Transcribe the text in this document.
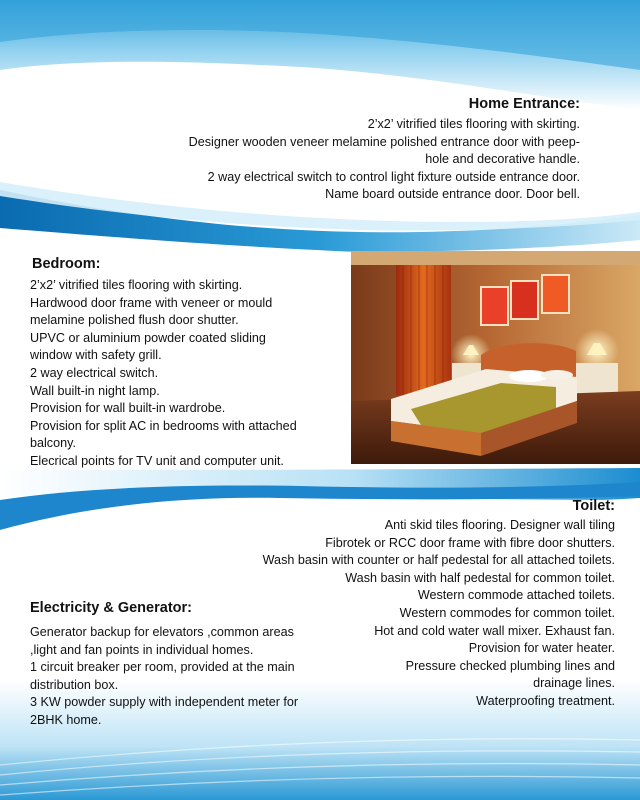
Home Entrance:
2’x2’ vitrified tiles flooring with skirting.
Designer wooden veneer melamine polished entrance door with peep-
hole and decorative handle.
2 way electrical switch to control light fixture outside entrance door.
Name board outside entrance door. Door bell.
Bedroom:
2’x2’ vitrified tiles flooring with skirting.
Hardwood door frame with veneer or mould
melamine polished flush door shutter.
UPVC or aluminium powder coated sliding
window with safety grill.
2 way electrical switch.
Wall built-in night lamp.
Provision for wall built-in wardrobe.
Provision for split AC in bedrooms with attached
balcony.
Elecrical points for TV unit and computer unit.
Toilet:
Anti skid tiles flooring. Designer wall tiling
Fibrotek or RCC door frame with fibre door shutters.
Wash basin with counter or half pedestal for all attached toilets.
Wash basin with half pedestal for common toilet.
Western commode attached toilets.
Western commodes for common toilet.
Hot and cold water wall mixer. Exhaust fan.
Provision for water heater.
Pressure checked plumbing lines and
drainage lines.
Waterproofing treatment.
Electricity & Generator:
Generator backup for elevators ,common areas
,light and fan points in individual homes.
1 circuit breaker per room, provided at the main
distribution box.
3 KW powder supply with independent meter for
2BHK home.
